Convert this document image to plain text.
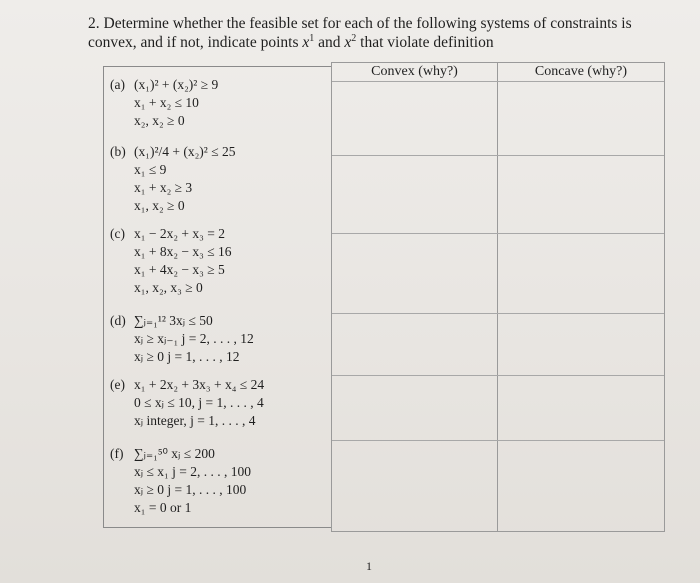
2. Determine whether the feasible set for each of the following systems of constraints is
convex, and if not, indicate points $x^1$ and $x^2$ that violate definition
(a) (x₁)² + (x₂)² ≥ 9
x₁ + x₂ ≤ 10
x₂, x₂ ≥ 0
(b) (x₁)²/4 + (x₂)² ≤ 25
x₁ ≤ 9
x₁ + x₂ ≥ 3
x₁, x₂ ≥ 0
(c) x₁ − 2x₂ + x₃ = 2
x₁ + 8x₂ − x₃ ≤ 16
x₁ + 4x₂ − x₃ ≥ 5
x₁, x₂, x₃ ≥ 0
(d) ∑ⱼ₌₁¹² 3xⱼ ≤ 50
xⱼ ≥ xⱼ₋₁ j = 2, . . . , 12
xⱼ ≥ 0 j = 1, . . . , 12
(e) x₁ + 2x₂ + 3x₃ + x₄ ≤ 24
0 ≤ xⱼ ≤ 10, j = 1, . . . , 4
xⱼ integer, j = 1, . . . , 4
(f) ∑ⱼ₌₁⁵⁰ xⱼ ≤ 200
xⱼ ≤ x₁ j = 2, . . . , 100
xⱼ ≥ 0 j = 1, . . . , 100
x₁ = 0 or 1
Convex (why?)	Concave (why?)
1
